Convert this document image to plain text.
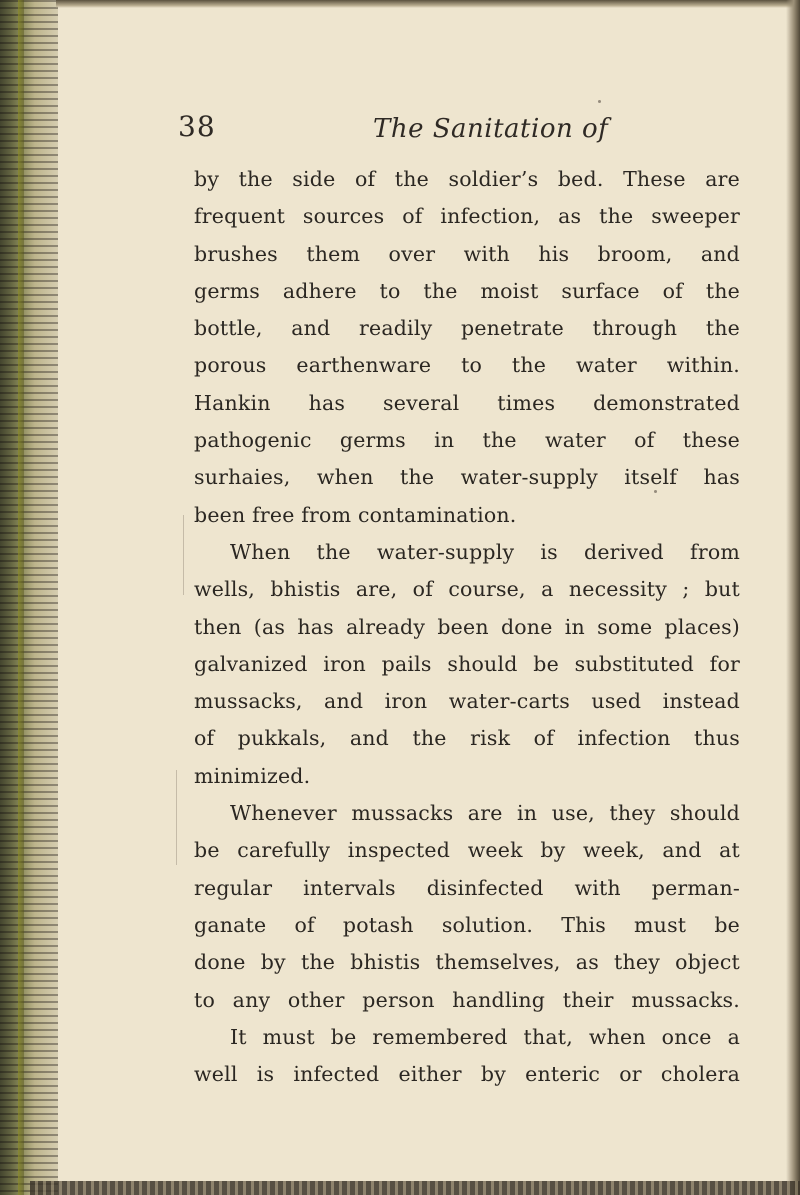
38	The Sanitation of
by the side of the soldier’s bed. These are
frequent sources of infection, as the sweeper
brushes them over with his broom, and
germs adhere to the moist surface of the
bottle, and readily penetrate through the
porous earthenware to the water within.
Hankin has several times demonstrated
pathogenic germs in the water of these
surhaies, when the water-supply itself has
been free from contamination.
When the water-supply is derived from
wells, bhistis are, of course, a necessity ; but
then (as has already been done in some places)
galvanized iron pails should be substituted for
mussacks, and iron water-carts used instead
of pukkals, and the risk of infection thus
minimized.
Whenever mussacks are in use, they should
be carefully inspected week by week, and at
regular intervals disinfected with perman-
ganate of potash solution. This must be
done by the bhistis themselves, as they object
to any other person handling their mussacks.
It must be remembered that, when once a
well is infected either by enteric or cholera
